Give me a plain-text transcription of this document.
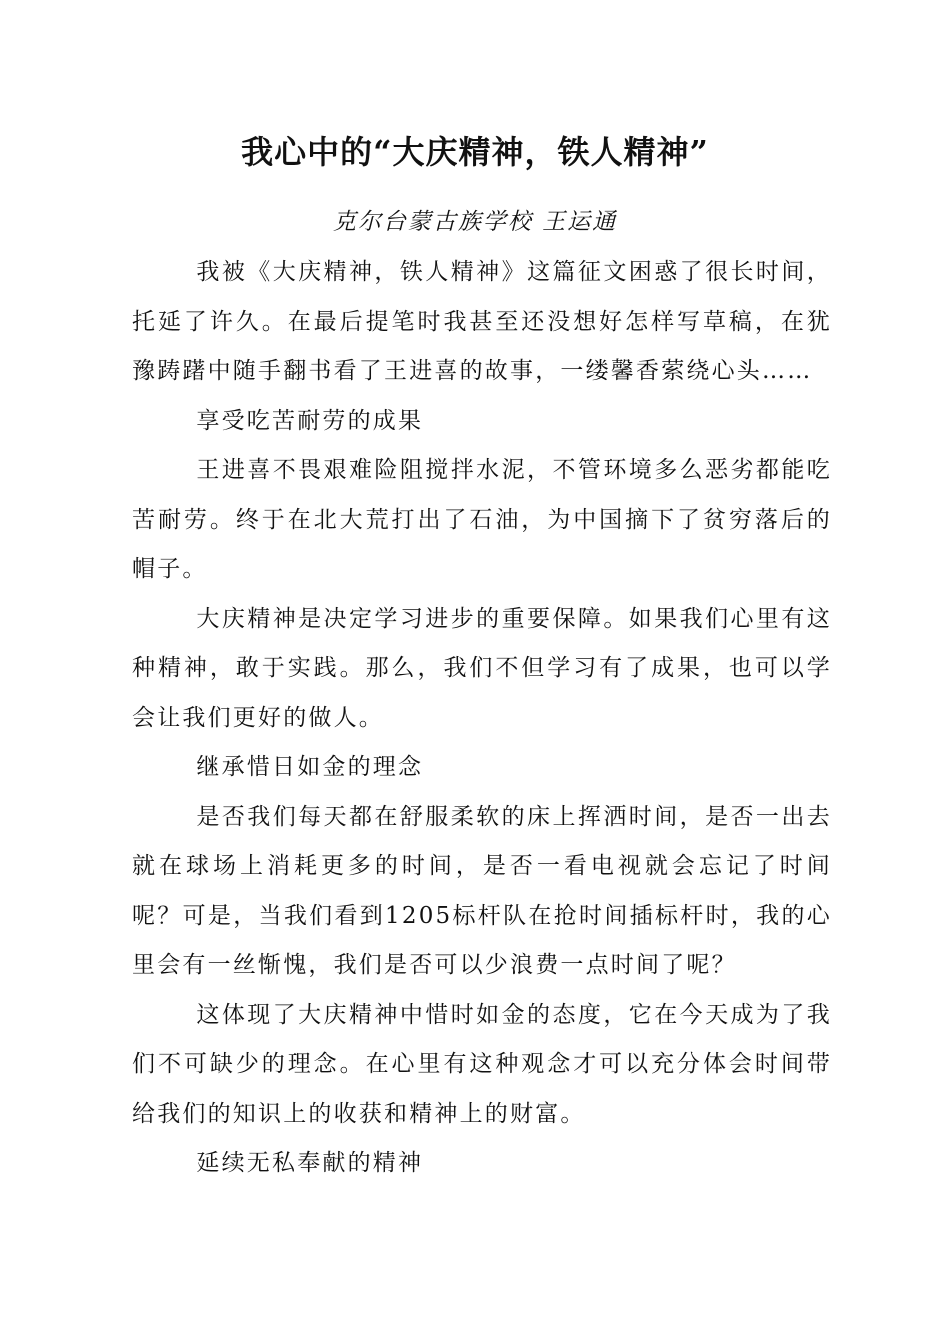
我心中的“大庆精神，铁人精神”

克尔台蒙古族学校 王运通

我被《大庆精神，铁人精神》这篇征文困惑了很长时间，托延了许久。在最后提笔时我甚至还没想好怎样写草稿，在犹豫踌躇中随手翻书看了王进喜的故事，一缕馨香萦绕心头……

享受吃苦耐劳的成果

王进喜不畏艰难险阻搅拌水泥，不管环境多么恶劣都能吃苦耐劳。终于在北大荒打出了石油，为中国摘下了贫穷落后的帽子。

大庆精神是决定学习进步的重要保障。如果我们心里有这种精神，敢于实践。那么，我们不但学习有了成果，也可以学会让我们更好的做人。

继承惜日如金的理念

是否我们每天都在舒服柔软的床上挥洒时间，是否一出去就在球场上消耗更多的时间，是否一看电视就会忘记了时间呢？可是，当我们看到1205标杆队在抢时间插标杆时，我的心里会有一丝惭愧，我们是否可以少浪费一点时间了呢？

这体现了大庆精神中惜时如金的态度，它在今天成为了我们不可缺少的理念。在心里有这种观念才可以充分体会时间带给我们的知识上的收获和精神上的财富。

延续无私奉献的精神
